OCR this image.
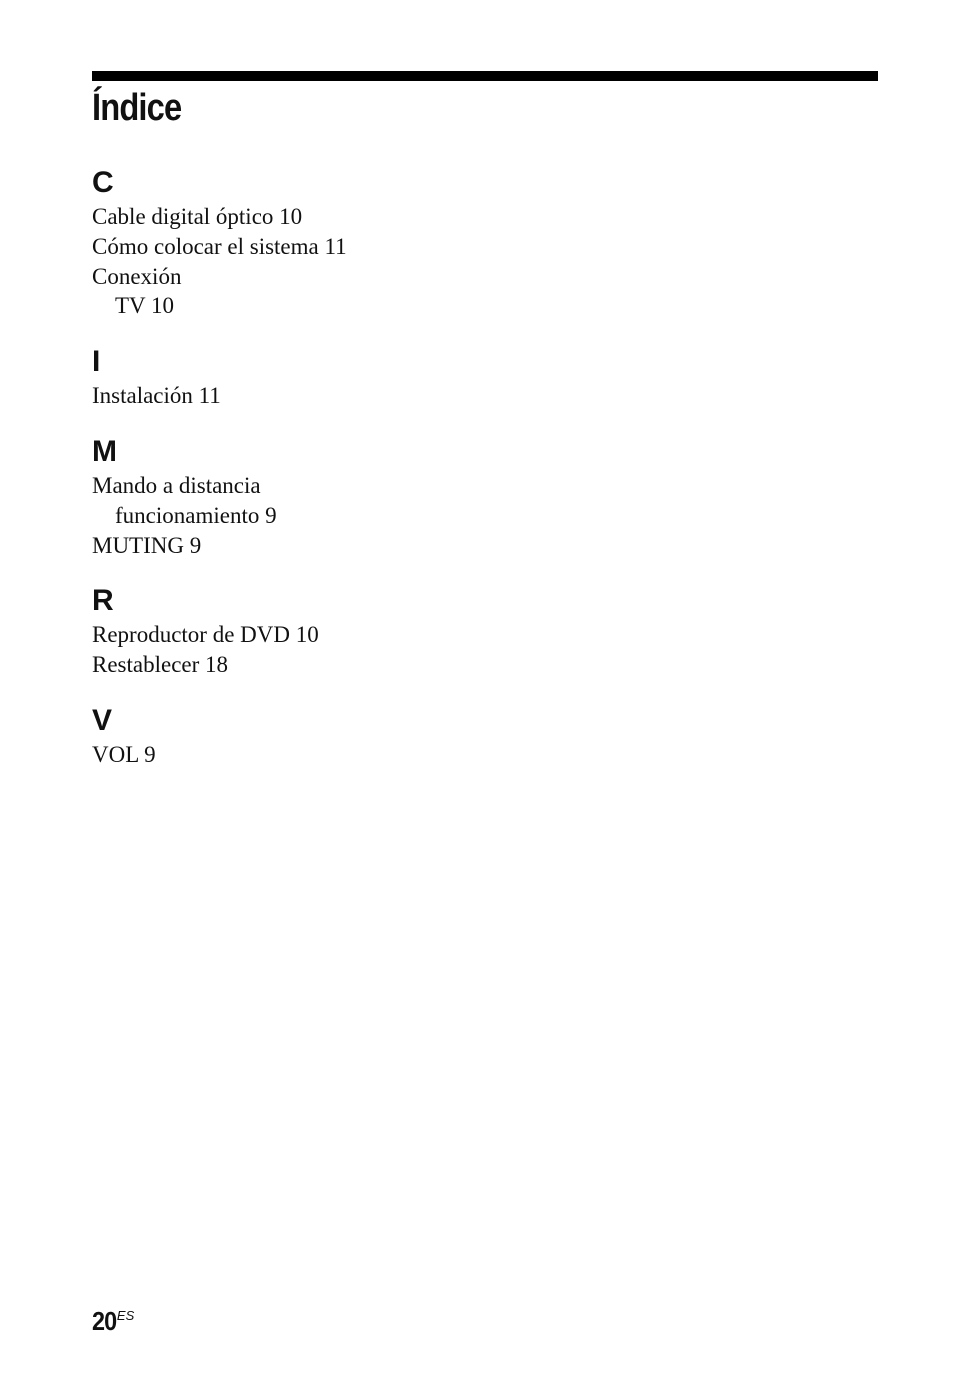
Índice
C
Cable digital óptico 10
Cómo colocar el sistema 11
Conexión
TV 10
I
Instalación 11
M
Mando a distancia
funcionamiento 9
MUTING 9
R
Reproductor de DVD 10
Restablecer 18
V
VOL 9
$20^{ES}$
